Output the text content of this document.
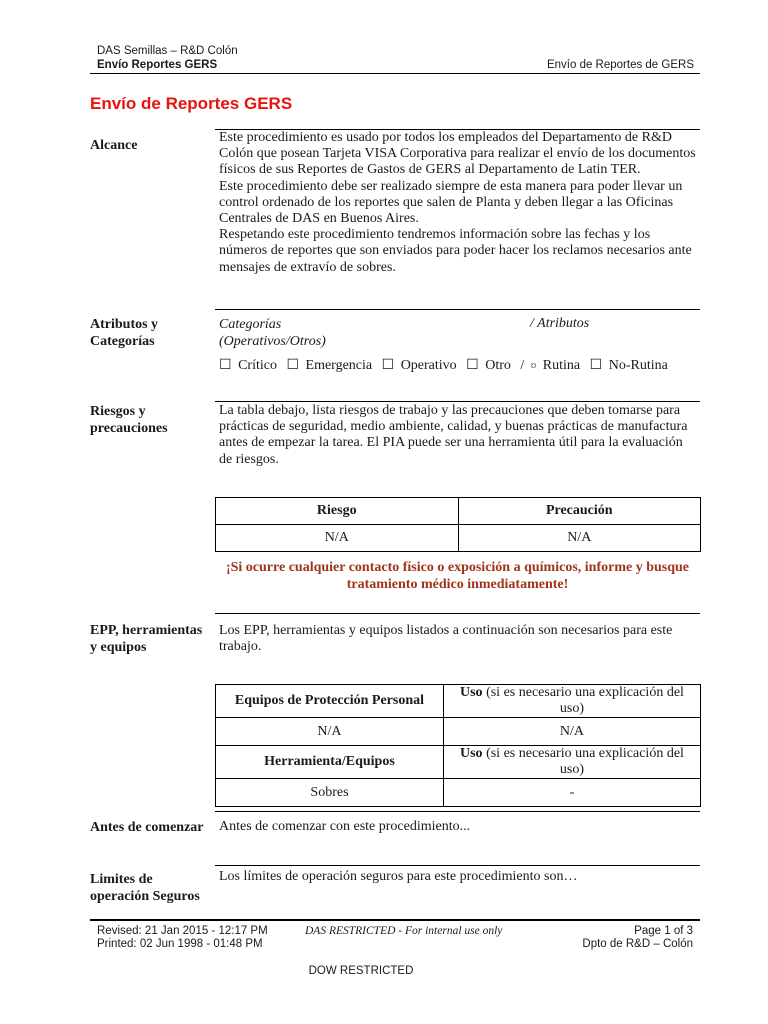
DAS Semillas – R&D Colón
Envío Reportes GERS	Envío de Reportes de GERS
Envío de Reportes GERS
Alcance

Este procedimiento es usado por todos los empleados del Departamento de R&D Colón que posean Tarjeta VISA Corporativa para realizar el envío de los documentos físicos de sus Reportes de Gastos de GERS al Departamento de Latin TER.

Este procedimiento debe ser realizado siempre de esta manera para poder llevar un control ordenado de los reportes que salen de Planta y deben llegar a las Oficinas Centrales de DAS en Buenos Aires.

Respetando este procedimiento tendremos información sobre las fechas y los números de reportes que son enviados para poder hacer los reclamos necesarios ante mensajes de extravío de sobres.

Atributos y
Categorías
Categorías
(Operativos/Otros)
/ Atributos
☐ Crítico ☐ Emergencia ☐ Operativo ☐ Otro / ¤ Rutina ☐ No-Rutina
Riesgos y
precauciones
La tabla debajo, lista riesgos de trabajo y las precauciones que deben tomarse para prácticas de seguridad, medio ambiente, calidad, y buenas prácticas de manufactura antes de empezar la tarea. El PIA puede ser una herramienta útil para la evaluación de riesgos.
Riesgo	Precaución
N/A	N/A
¡Si ocurre cualquier contacto físico o exposición a químicos, informe y busque tratamiento médico inmediatamente!
EPP, herramientas
y equipos
Los EPP, herramientas y equipos listados a continuación son necesarios para este trabajo.
Equipos de Protección Personal	Uso (si es necesario una explicación del uso)
N/A	N/A
Herramienta/Equipos	Uso (si es necesario una explicación del uso)
Sobres	-
Antes de comenzar	Antes de comenzar con este procedimiento...
Limites de
operación Seguros
Los límites de operación seguros para este procedimiento son…
Revised: 21 Jan 2015 - 12:17 PM
Printed: 02 Jun 1998 - 01:48 PM
DAS RESTRICTED - For internal use only	Page 1 of 3
Dpto de R&D – Colón
DOW RESTRICTED
